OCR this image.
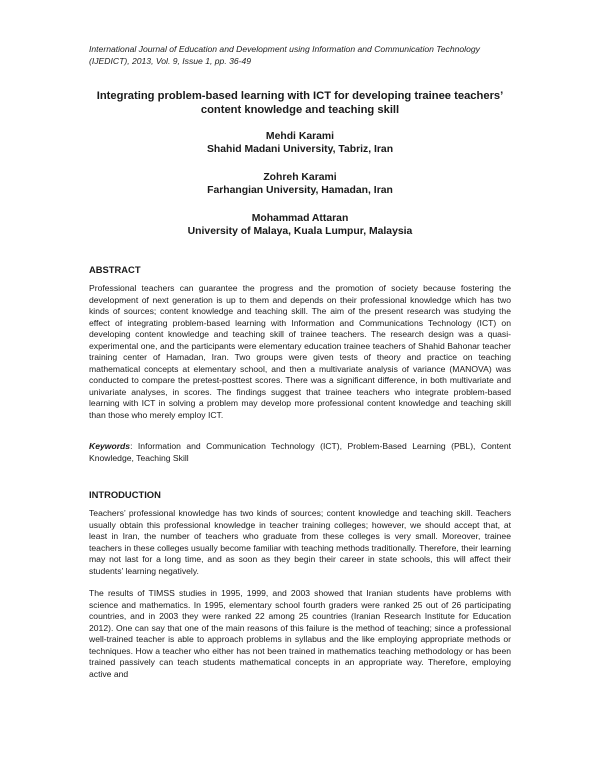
International Journal of Education and Development using Information and Communication Technology
(IJEDICT), 2013, Vol. 9, Issue 1, pp. 36-49
Integrating problem-based learning with ICT for developing trainee teachers’ content knowledge and teaching skill
Mehdi Karami
Shahid Madani University, Tabriz, Iran
Zohreh Karami
Farhangian University, Hamadan, Iran
Mohammad Attaran
University of Malaya, Kuala Lumpur, Malaysia
ABSTRACT

Professional teachers can guarantee the progress and the promotion of society because fostering the development of next generation is up to them and depends on their professional knowledge which has two kinds of sources; content knowledge and teaching skill. The aim of the present research was studying the effect of integrating problem-based learning with Information and Communications Technology (ICT) on developing content knowledge and teaching skill of trainee teachers. The research design was a quasi-experimental one, and the participants were elementary education trainee teachers of Shahid Bahonar teacher training center of Hamadan, Iran. Two groups were given tests of theory and practice on teaching mathematical concepts at elementary school, and then a multivariate analysis of variance (MANOVA) was conducted to compare the pretest-posttest scores. There was a significant difference, in both multivariate and univariate analyses, in scores. The findings suggest that trainee teachers who integrate problem-based learning with ICT in solving a problem may develop more professional content knowledge and teaching skill than those who merely employ ICT.

Keywords: Information and Communication Technology (ICT), Problem-Based Learning (PBL), Content Knowledge, Teaching Skill

INTRODUCTION

Teachers’ professional knowledge has two kinds of sources; content knowledge and teaching skill. Teachers usually obtain this professional knowledge in teacher training colleges; however, we should accept that, at least in Iran, the number of teachers who graduate from these colleges is very small. Moreover, trainee teachers in these colleges usually become familiar with teaching methods traditionally. Therefore, their learning may not last for a long time, and as soon as they begin their career in state schools, this will affect their students’ learning negatively.

The results of TIMSS studies in 1995, 1999, and 2003 showed that Iranian students have problems with science and mathematics. In 1995, elementary school fourth graders were ranked 25 out of 26 participating countries, and in 2003 they were ranked 22 among 25 countries (Iranian Research Institute for Education 2012). One can say that one of the main reasons of this failure is the method of teaching; since a professional well-trained teacher is able to approach problems in syllabus and the like employing appropriate methods or techniques. How a teacher who either has not been trained in mathematics teaching methodology or has been trained passively can teach students mathematical concepts in an appropriate way. Therefore, employing active and
